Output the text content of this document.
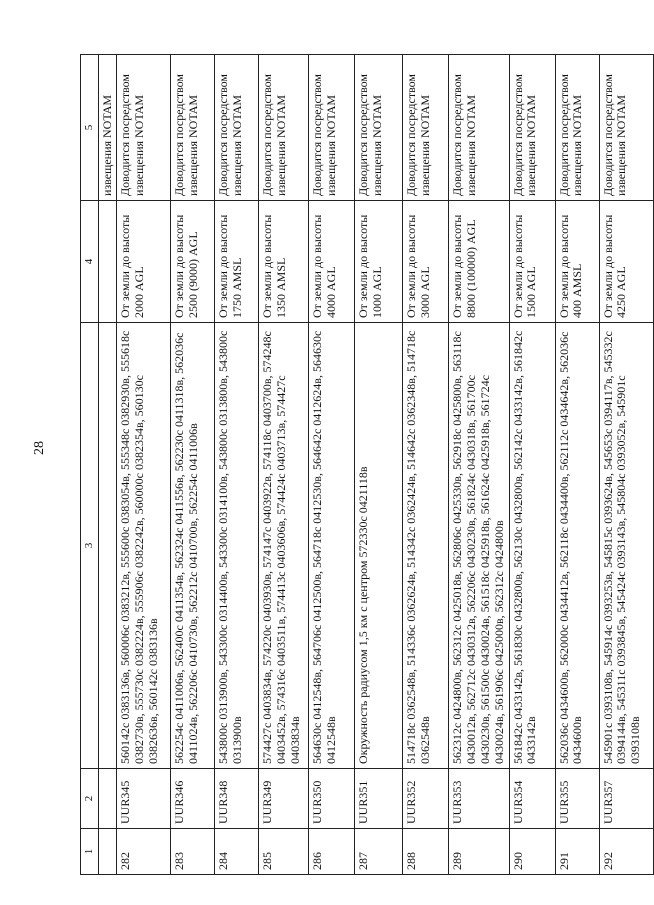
28
1	2	3	4	5
				извещения NOTAM
282	UUR345	560142с 0383136в, 560006с 0383212в, 555600с 0383054в, 555348с 0382930в, 555618с 0382730в, 555730с 0382224в, 555906с 0382242в, 560000с 0382354в, 560130с 0382636в, 560142с 0383136в	От земли до высоты 2000 AGL	Доводится посредством извещения NOTAM
283	UUR346	562254с 0411006в, 562400с 0411354в, 562324с 0411556в, 562230с 0411318в, 562036с 0411024в, 562206с 0410730в, 562212с 0410700в, 562254с 0411006в	От земли до высоты 2500 (9000) AGL	Доводится посредством извещения NOTAM
284	UUR348	543800с 0313900в, 543300с 0314400в, 543300с 0314100в, 543800с 0313800в, 543800с 0313900в	От земли до высоты 1750 AMSL	Доводится посредством извещения NOTAM
285	UUR349	574427с 0403834в, 574220с 0403930в, 574147с 0403922в, 574118с 0403700в, 574248с 0403452в, 574316с 0403511в, 574413с 0403606в, 574424с 0403713в, 574427с 0403834в	От земли до высоты 1350 AMSL	Доводится посредством извещения NOTAM
286	UUR350	564630с 0412548в, 564706с 0412500в, 564718с 0412530в, 564642с 0412624в, 564630с 0412548в	От земли до высоты 4000 AGL	Доводится посредством извещения NOTAM
287	UUR351	Окружность радиусом 1,5 км с центром 572330с 0421118в	От земли до высоты 1000 AGL	Доводится посредством извещения NOTAM
288	UUR352	514718с 0362548в, 514336с 0362624в, 514342с 0362424в, 514642с 0362348в, 514718с 0362548в	От земли до высоты 3000 AGL	Доводится посредством извещения NOTAM
289	UUR353	562312с 0424800в, 562312с 0425018в, 562806с 0425330в, 562918с 0425800в, 563118с 0430012в, 562712с 0430312в, 562206с 0430230в, 561824с 0430318в, 561700с 0430230в, 561500с 0430024в, 561518с 0425918в, 561624с 0425918в, 561724с 0430024в, 561906с 0425000в, 562312с 0424800в	От земли до высоты 8800 (100000) AGL	Доводится посредством извещения NOTAM
290	UUR354	561842с 0433142в, 561830с 0432800в, 562130с 0432800в, 562142с 0433142в, 561842с 0433142в	От земли до высоты 1500 AGL	Доводится посредством извещения NOTAM
291	UUR355	562036с 0434600в, 562000с 0434412в, 562118с 0434400в, 562112с 0434642в, 562036с 0434600в	От земли до высоты 400 AMSL	Доводится посредством извещения NOTAM
292	UUR357	545901с 0393108в, 545914с 0393253в, 545815с 0393624в, 545653с 0394117в, 545332с 0394144в, 545311с 0393845в, 545424с 0393143в, 545804с 0393052в, 545901с 0393108в	От земли до высоты 4250 AGL	Доводится посредством извещения NOTAM
